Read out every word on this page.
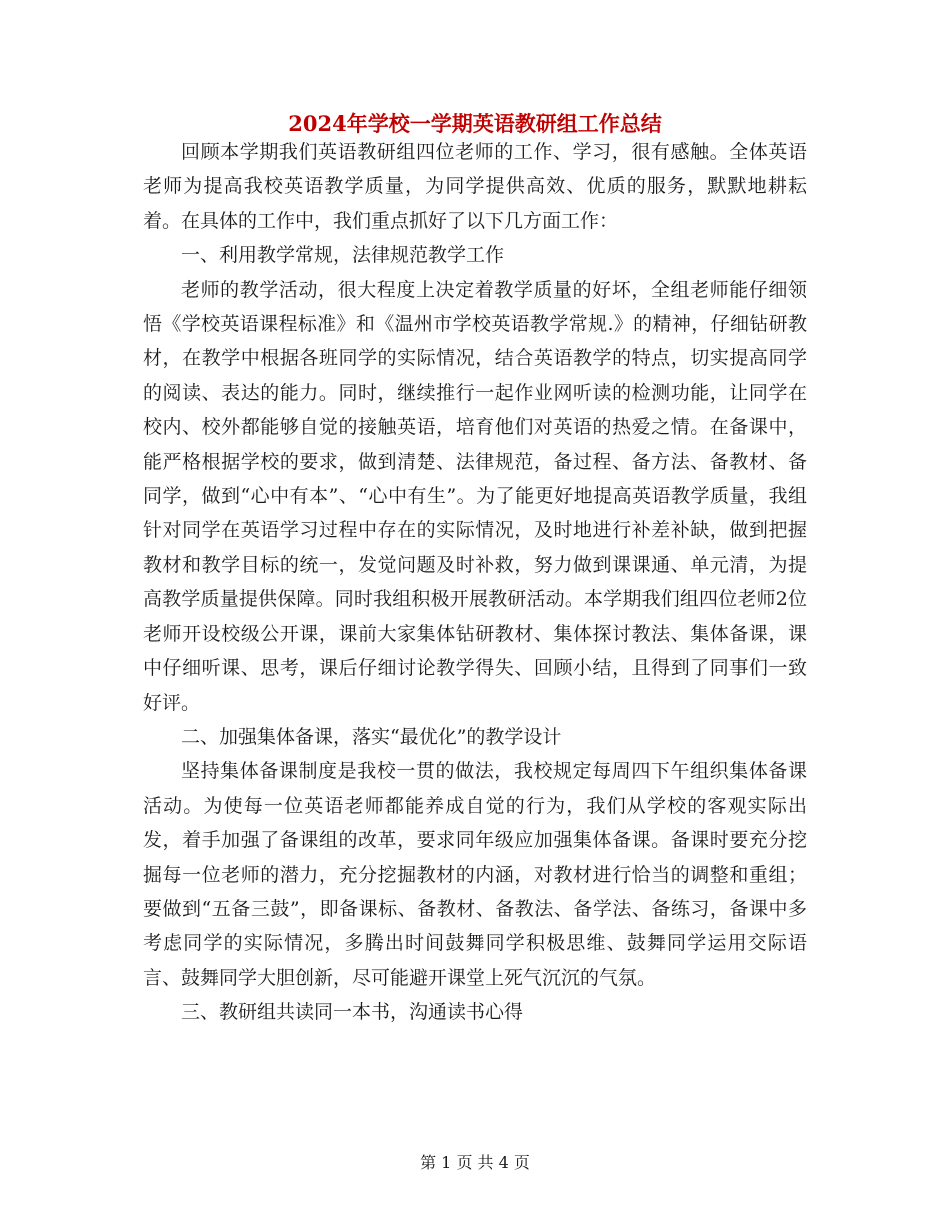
2024年学校一学期英语教研组工作总结

回顾本学期我们英语教研组四位老师的工作、学习，很有感触。全体英语老师为提高我校英语教学质量，为同学提供高效、优质的服务，默默地耕耘着。在具体的工作中，我们重点抓好了以下几方面工作：

一、利用教学常规，法律规范教学工作

老师的教学活动，很大程度上决定着教学质量的好坏，全组老师能仔细领悟《学校英语课程标准》和《温州市学校英语教学常规.》的精神，仔细钻研教材，在教学中根据各班同学的实际情况，结合英语教学的特点，切实提高同学的阅读、表达的能力。同时，继续推行一起作业网听读的检测功能，让同学在校内、校外都能够自觉的接触英语，培育他们对英语的热爱之情。在备课中，能严格根据学校的要求，做到清楚、法律规范，备过程、备方法、备教材、备同学，做到“心中有本”、“心中有生”。为了能更好地提高英语教学质量，我组针对同学在英语学习过程中存在的实际情况，及时地进行补差补缺，做到把握教材和教学目标的统一，发觉问题及时补救，努力做到课课通、单元清，为提高教学质量提供保障。同时我组积极开展教研活动。本学期我们组四位老师2位老师开设校级公开课，课前大家集体钻研教材、集体探讨教法、集体备课，课中仔细听课、思考，课后仔细讨论教学得失、回顾小结，且得到了同事们一致好评。

二、加强集体备课，落实“最优化”的教学设计

坚持集体备课制度是我校一贯的做法，我校规定每周四下午组织集体备课活动。为使每一位英语老师都能养成自觉的行为，我们从学校的客观实际出发，着手加强了备课组的改革，要求同年级应加强集体备课。备课时要充分挖掘每一位老师的潜力，充分挖掘教材的内涵，对教材进行恰当的调整和重组；要做到“五备三鼓”，即备课标、备教材、备教法、备学法、备练习，备课中多考虑同学的实际情况，多腾出时间鼓舞同学积极思维、鼓舞同学运用交际语言、鼓舞同学大胆创新，尽可能避开课堂上死气沉沉的气氛。

三、教研组共读同一本书，沟通读书心得

第 1 页 共 4 页
